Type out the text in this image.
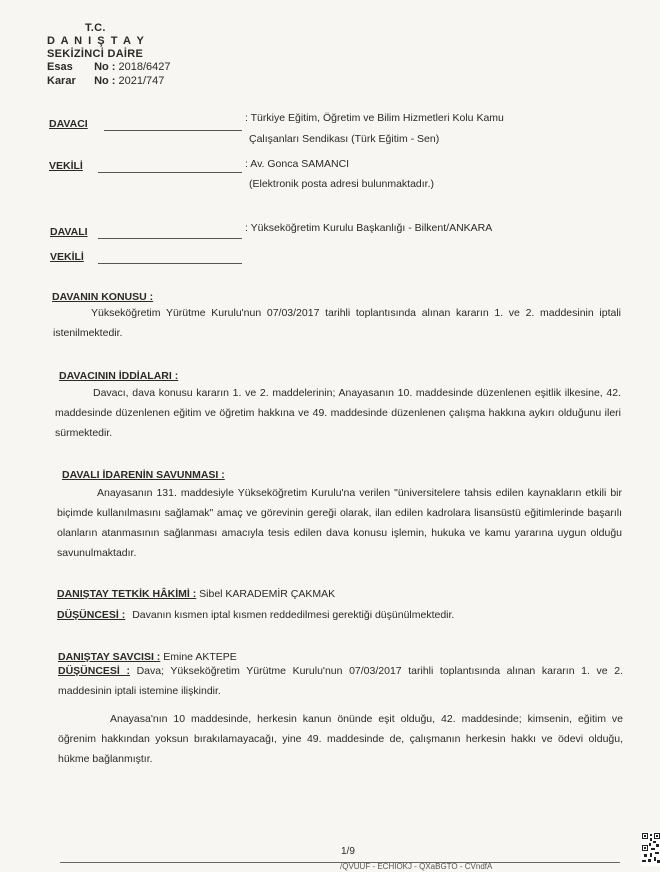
T.C.
D A N I Ş T A Y
SEKİZİNCİ DAİRE
Esas No : 2018/6427
Karar No : 2021/747
DAVACI	: Türkiye Eğitim, Öğretim ve Bilim Hizmetleri Kolu Kamu
Çalışanları Sendikası (Türk Eğitim - Sen)
VEKİLİ	: Av. Gonca SAMANCI
(Elektronik posta adresi bulunmaktadır.)
DAVALI	: Yükseköğretim Kurulu Başkanlığı - Bilkent/ANKARA
VEKİLİ
DAVANIN KONUSU :

Yükseköğretim Yürütme Kurulu'nun 07/03/2017 tarihli toplantısında alınan kararın 1. ve 2. maddesinin iptali istenilmektedir.

DAVACININ İDDİALARI :

Davacı, dava konusu kararın 1. ve 2. maddelerinin; Anayasanın 10. maddesinde düzenlenen eşitlik ilkesine, 42. maddesinde düzenlenen eğitim ve öğretim hakkına ve 49. maddesinde düzenlenen çalışma hakkına aykırı olduğunu ileri sürmektedir.

DAVALI İDARENİN SAVUNMASI :

Anayasanın 131. maddesiyle Yükseköğretim Kurulu'na verilen "üniversitelere tahsis edilen kaynakların etkili bir biçimde kullanılmasını sağlamak" amaç ve görevinin gereği olarak, ilan edilen kadrolara lisansüstü eğitimlerinde başarılı olanların atanmasının sağlanması amacıyla tesis edilen dava konusu işlemin, hukuka ve kamu yararına uygun olduğu savunulmaktadır.

DANIŞTAY TETKİK HÂKİMİ : Sibel KARADEMİR ÇAKMAK
DÜŞÜNCESİ : Davanın kısmen iptal kısmen reddedilmesi gerektiği düşünülmektedir.
DANIŞTAY SAVCISI : Emine AKTEPE

DÜŞÜNCESİ : Dava; Yükseköğretim Yürütme Kurulu'nun 07/03/2017 tarihli toplantısında alınan kararın 1. ve 2. maddesinin iptali istemine ilişkindir.

Anayasa'nın 10 maddesinde, herkesin kanun önünde eşit olduğu, 42. maddesinde; kimsenin, eğitim ve öğrenim hakkından yoksun bırakılamayacağı, yine 49. maddesinde de, çalışmanın herkesin hakkı ve ödevi olduğu, hükme bağlanmıştır.

1/9
/QVUUF - ECHIOKJ - QXaBGTO - CVndfA
